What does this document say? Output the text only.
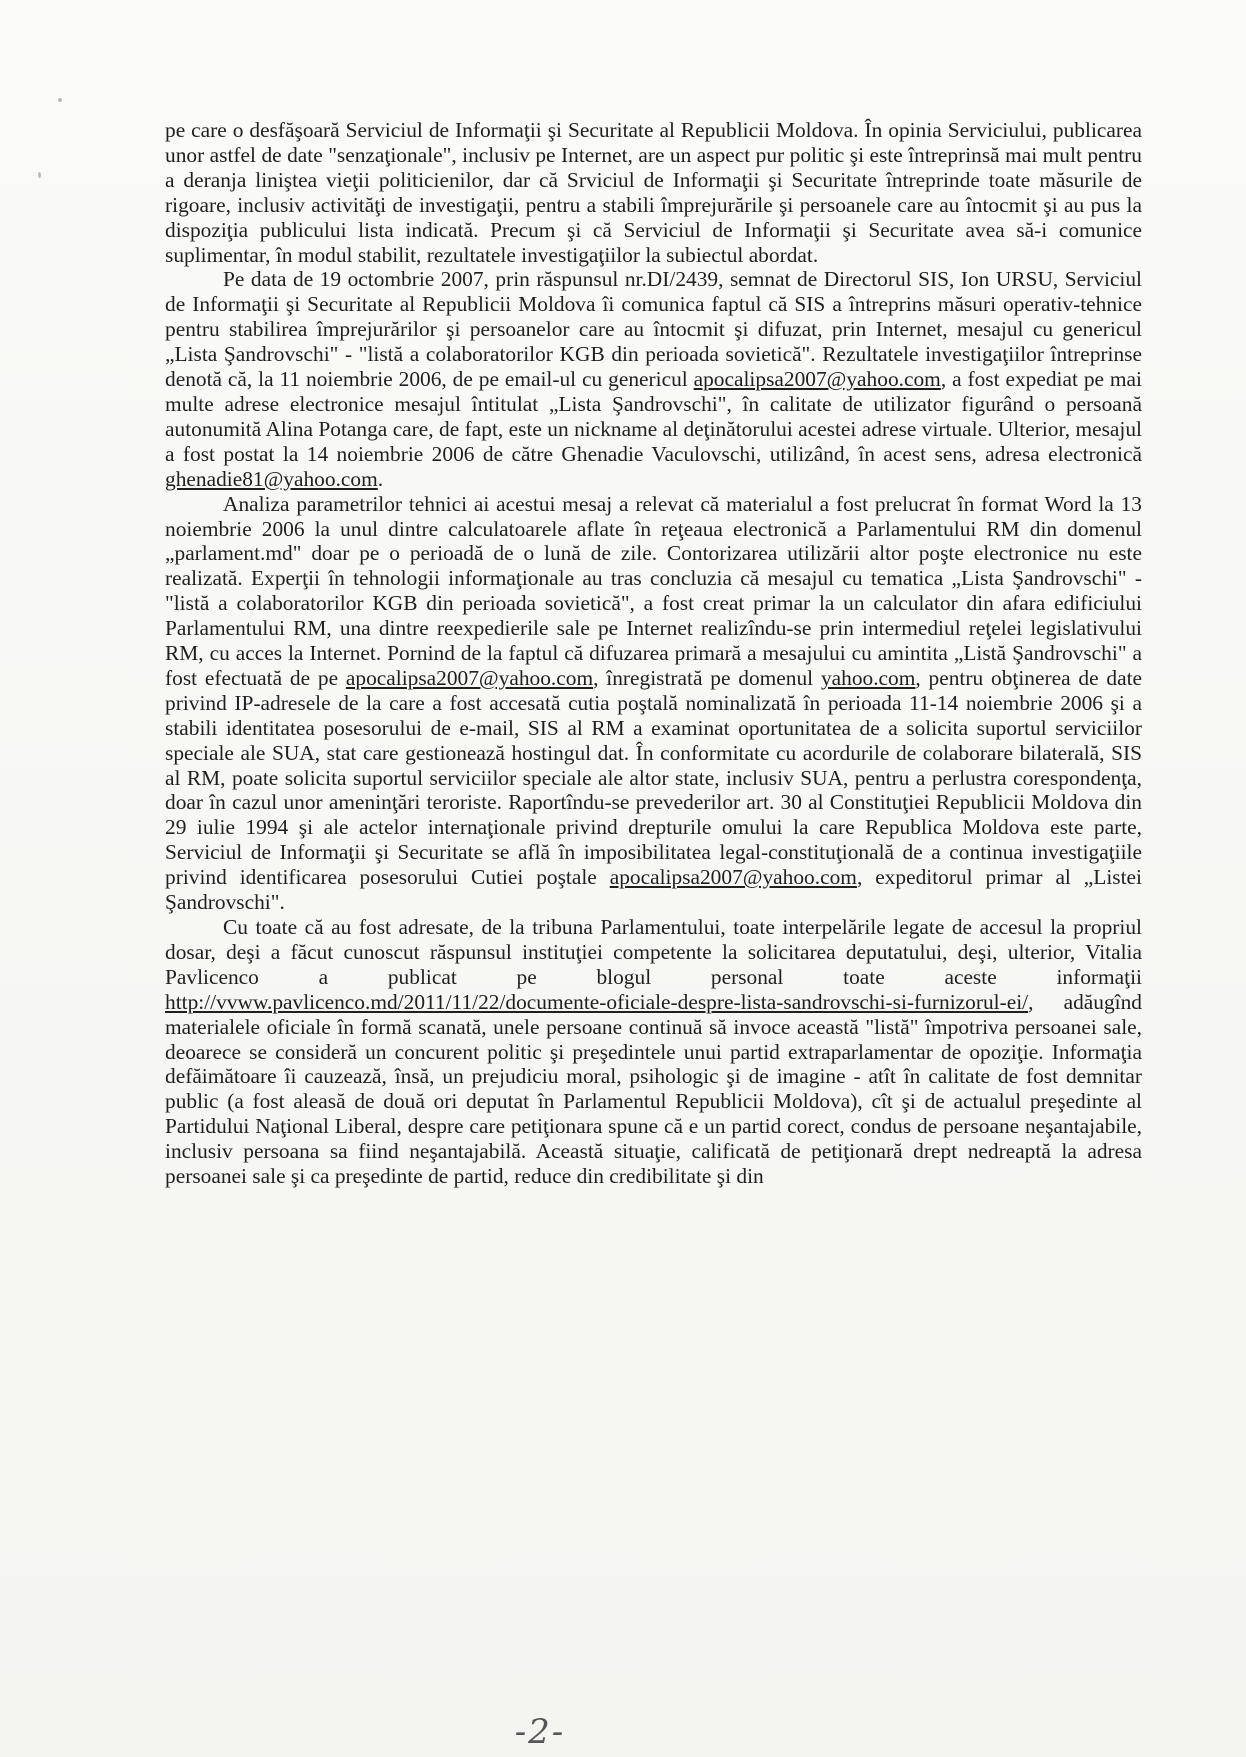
pe care o desfăşoară Serviciul de Informaţii şi Securitate al Republicii Moldova. În opinia Serviciului, publicarea unor astfel de date "senzaţionale", inclusiv pe Internet, are un aspect pur politic şi este întreprinsă mai mult pentru a deranja liniştea vieţii politicienilor, dar că Srviciul de Informaţii şi Securitate întreprinde toate măsurile de rigoare, inclusiv activităţi de investigaţii, pentru a stabili împrejurările şi persoanele care au întocmit şi au pus la dispoziţia publicului lista indicată. Precum şi că Serviciul de Informaţii şi Securitate avea să-i comunice suplimentar, în modul stabilit, rezultatele investigaţiilor la subiectul abordat.

Pe data de 19 octombrie 2007, prin răspunsul nr.DI/2439, semnat de Directorul SIS, Ion URSU, Serviciul de Informaţii şi Securitate al Republicii Moldova îi comunica faptul că SIS a întreprins măsuri operativ-tehnice pentru stabilirea împrejurărilor şi persoanelor care au întocmit şi difuzat, prin Internet, mesajul cu genericul „Lista Şandrovschi" - "listă a colaboratorilor KGB din perioada sovietică". Rezultatele investigaţiilor întreprinse denotă că, la 11 noiembrie 2006, de pe email-ul cu genericul apocalipsa2007@yahoo.com, a fost expediat pe mai multe adrese electronice mesajul întitulat „Lista Şandrovschi", în calitate de utilizator figurând o persoană autonumită Alina Potanga care, de fapt, este un nickname al deţinătorului acestei adrese virtuale. Ulterior, mesajul a fost postat la 14 noiembrie 2006 de către Ghenadie Vaculovschi, utilizând, în acest sens, adresa electronică ghenadie81@yahoo.com.

Analiza parametrilor tehnici ai acestui mesaj a relevat că materialul a fost prelucrat în format Word la 13 noiembrie 2006 la unul dintre calculatoarele aflate în reţeaua electronică a Parlamentului RM din domenul „parlament.md" doar pe o perioadă de o lună de zile. Contorizarea utilizării altor poşte electronice nu este realizată. Experţii în tehnologii informaţionale au tras concluzia că mesajul cu tematica „Lista Şandrovschi" - "listă a colaboratorilor KGB din perioada sovietică", a fost creat primar la un calculator din afara edificiului Parlamentului RM, una dintre reexpedierile sale pe Internet realizîndu-se prin intermediul reţelei legislativului RM, cu acces la Internet. Pornind de la faptul că difuzarea primară a mesajului cu amintita „Listă Şandrovschi" a fost efectuată de pe apocalipsa2007@yahoo.com, înregistrată pe domenul yahoo.com, pentru obţinerea de date privind IP-adresele de la care a fost accesată cutia poştală nominalizată în perioada 11-14 noiembrie 2006 şi a stabili identitatea posesorului de e-mail, SIS al RM a examinat oportunitatea de a solicita suportul serviciilor speciale ale SUA, stat care gestionează hostingul dat. În conformitate cu acordurile de colaborare bilaterală, SIS al RM, poate solicita suportul serviciilor speciale ale altor state, inclusiv SUA, pentru a perlustra corespondenţa, doar în cazul unor ameninţări teroriste. Raportîndu-se prevederilor art. 30 al Constituţiei Republicii Moldova din 29 iulie 1994 şi ale actelor internaţionale privind drepturile omului la care Republica Moldova este parte, Serviciul de Informaţii şi Securitate se află în imposibilitatea legal-constituţională de a continua investigaţiile privind identificarea posesorului Cutiei poştale apocalipsa2007@yahoo.com, expeditorul primar al „Listei Şandrovschi".

Cu toate că au fost adresate, de la tribuna Parlamentului, toate interpelările legate de accesul la propriul dosar, deşi a făcut cunoscut răspunsul instituţiei competente la solicitarea deputatului, deşi, ulterior, Vitalia Pavlicenco a publicat pe blogul personal toate aceste informaţii http://vvww.pavlicenco.md/2011/11/22/documente-oficiale-despre-lista-sandrovschi-si-furnizorul-ei/, adăugînd materialele oficiale în formă scanată, unele persoane continuă să invoce această "listă" împotriva persoanei sale, deoarece se consideră un concurent politic şi preşedintele unui partid extraparlamentar de opoziţie. Informaţia defăimătoare îi cauzează, însă, un prejudiciu moral, psihologic şi de imagine - atît în calitate de fost demnitar public (a fost aleasă de două ori deputat în Parlamentul Republicii Moldova), cît şi de actualul preşedinte al Partidului Naţional Liberal, despre care petiţionara spune că e un partid corect, condus de persoane neşantajabile, inclusiv persoana sa fiind neşantajabilă. Această situaţie, calificată de petiţionară drept nedreaptă la adresa persoanei sale şi ca preşedinte de partid, reduce din credibilitate şi din

-2-
